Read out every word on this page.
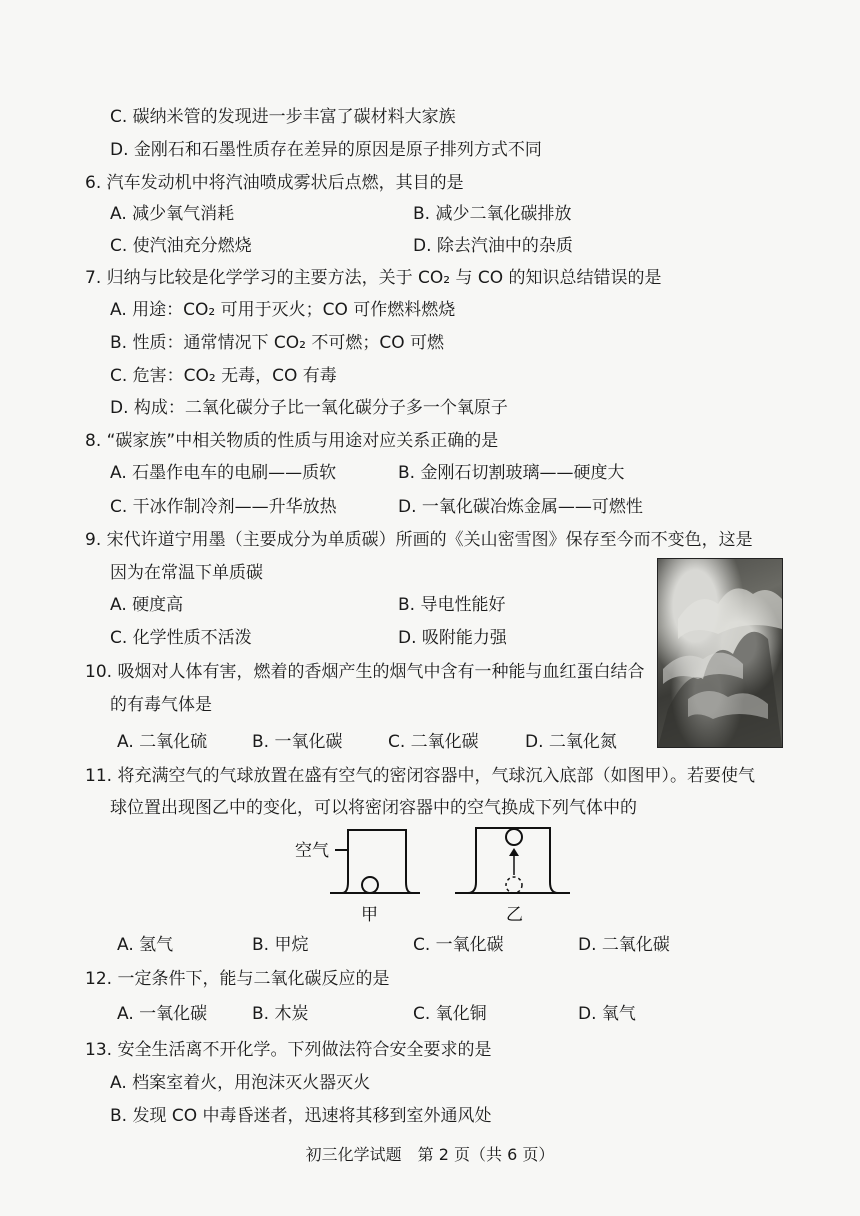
C. 碳纳米管的发现进一步丰富了碳材料大家族
D. 金刚石和石墨性质存在差异的原因是原子排列方式不同
6. 汽车发动机中将汽油喷成雾状后点燃，其目的是
A. 减少氧气消耗	B. 减少二氧化碳排放
C. 使汽油充分燃烧	D. 除去汽油中的杂质
7. 归纳与比较是化学学习的主要方法，关于 CO₂ 与 CO 的知识总结错误的是
A. 用途：CO₂ 可用于灭火；CO 可作燃料燃烧
B. 性质：通常情况下 CO₂ 不可燃；CO 可燃
C. 危害：CO₂ 无毒，CO 有毒
D. 构成：二氧化碳分子比一氧化碳分子多一个氧原子
8. “碳家族”中相关物质的性质与用途对应关系正确的是
A. 石墨作电车的电刷——质软	B. 金刚石切割玻璃——硬度大
C. 干冰作制冷剂——升华放热	D. 一氧化碳冶炼金属——可燃性
9. 宋代许道宁用墨（主要成分为单质碳）所画的《关山密雪图》保存至今而不变色，这是
因为在常温下单质碳
A. 硬度高	B. 导电性能好
C. 化学性质不活泼	D. 吸附能力强
10. 吸烟对人体有害，燃着的香烟产生的烟气中含有一种能与血红蛋白结合
的有毒气体是
A. 二氧化硫	B. 一氧化碳	C. 二氧化碳	D. 二氧化氮
11. 将充满空气的气球放置在盛有空气的密闭容器中，气球沉入底部（如图甲）。若要使气
球位置出现图乙中的变化，可以将密闭容器中的空气换成下列气体中的
空气
甲	乙
A. 氢气	B. 甲烷	C. 一氧化碳	D. 二氧化碳
12. 一定条件下，能与二氧化碳反应的是
A. 一氧化碳	B. 木炭	C. 氧化铜	D. 氧气
13. 安全生活离不开化学。下列做法符合安全要求的是
A. 档案室着火，用泡沫灭火器灭火
B. 发现 CO 中毒昏迷者，迅速将其移到室外通风处
初三化学试题　第 2 页（共 6 页）
